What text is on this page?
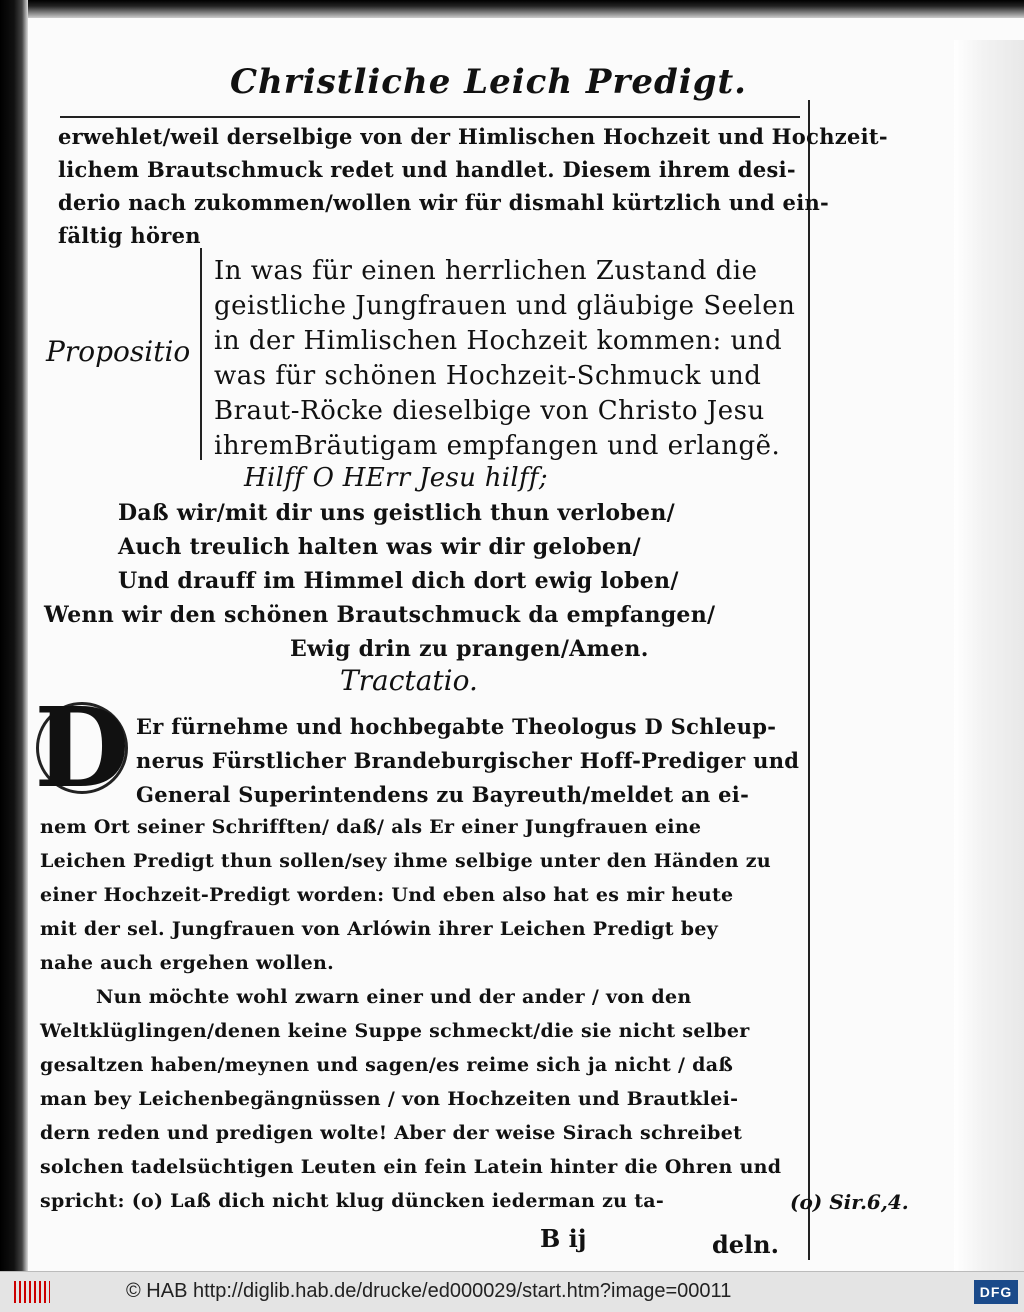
Christliche Leich Predigt.
erwehlet/weil derselbige von der Himlischen Hochzeit und Hochzeit-
lichem Brautschmuck redet und handlet. Diesem ihrem desi-
derio nach zukommen/wollen wir für dismahl kürtzlich und ein-
fältig hören
Propositio
In was für einen herrlichen Zustand die
geistliche Jungfrauen und gläubige Seelen
in der Himlischen Hochzeit kommen: und
was für schönen Hochzeit-Schmuck und
Braut-Röcke dieselbige von Christo Jesu
ihremBräutigam empfangen und erlangẽ.
Hilff O HErr Jesu hilff;
Daß wir/mit dir uns geistlich thun verloben/
Auch treulich halten was wir dir geloben/
Und drauff im Himmel dich dort ewig loben/
Wenn wir den schönen Brautschmuck da empfangen/
Ewig drin zu prangen/Amen.
Tractatio.
D Er fürnehme und hochbegabte Theologus D Schleup-
nerus Fürstlicher Brandeburgischer Hoff-Prediger und
General Superintendens zu Bayreuth/meldet an ei-
nem Ort seiner Schrifften/ daß/ als Er einer Jungfrauen eine
Leichen Predigt thun sollen/sey ihme selbige unter den Händen zu
einer Hochzeit-Predigt worden: Und eben also hat es mir heute
mit der sel. Jungfrauen von Arlówin ihrer Leichen Predigt bey
nahe auch ergehen wollen.
Nun möchte wohl zwarn einer und der ander / von den
Weltklüglingen/denen keine Suppe schmeckt/die sie nicht selber
gesaltzen haben/meynen und sagen/es reime sich ja nicht / daß
man bey Leichenbegängnüssen / von Hochzeiten und Brautklei-
dern reden und predigen wolte! Aber der weise Sirach schreibet
solchen tadelsüchtigen Leuten ein fein Latein hinter die Ohren und
spricht: (o) Laß dich nicht klug düncken iederman zu ta-	(o) Sir.6,4.
B ij	deln.
© HAB http://diglib.hab.de/drucke/ed000029/start.htm?image=00011	DFG
